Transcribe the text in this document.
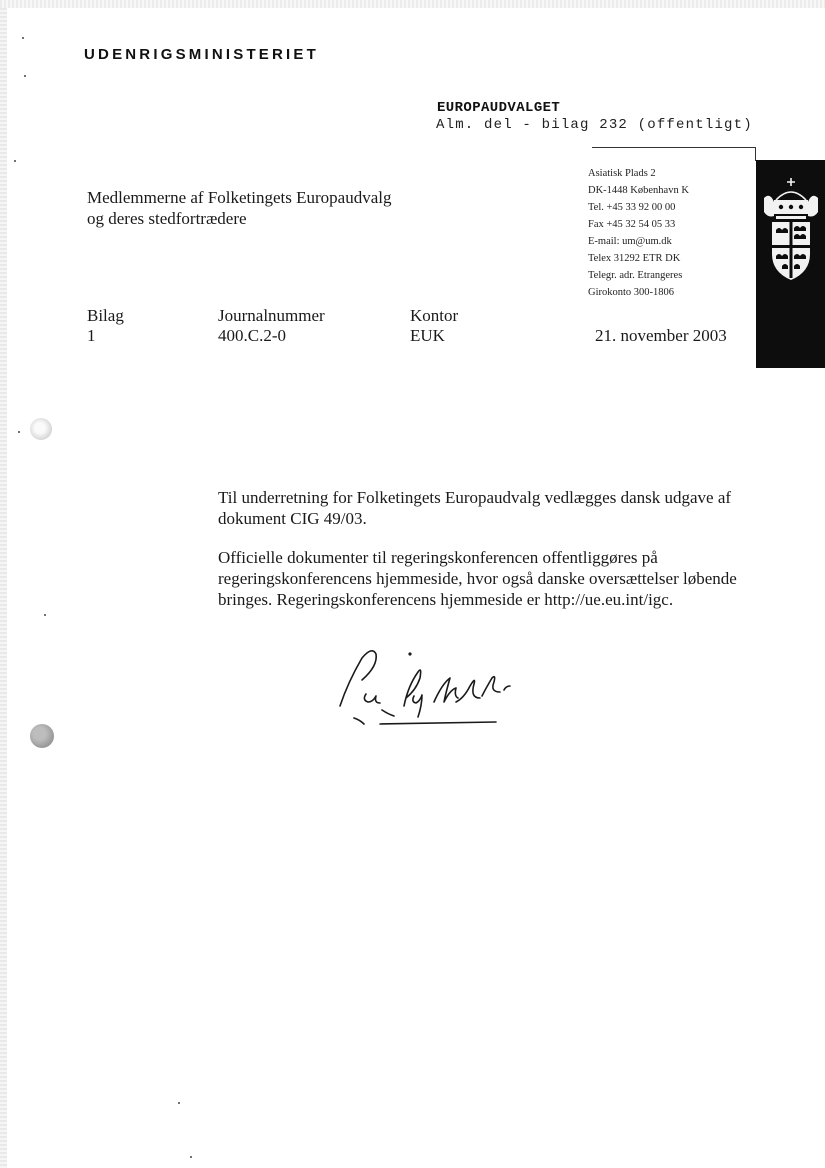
UDENRIGSMINISTERIET
EUROPAUDVALGET
Alm. del - bilag 232 (offentligt)
Medlemmerne af Folketingets Europaudvalg
og deres stedfortrædere
Asiatisk Plads 2
DK-1448 København K
Tel. +45 33 92 00 00
Fax +45 32 54 05 33
E-mail: um@um.dk
Telex 31292 ETR DK
Telegr. adr. Etrangeres
Girokonto 300-1806
Bilag
1
Journalnummer
400.C.2-0
Kontor
EUK	21. november 2003

Til underretning for Folketingets Europaudvalg vedlægges dansk udgave af dokument CIG 49/03.

Officielle dokumenter til regeringskonferencen offentliggøres på regeringskonferencens hjemmeside, hvor også danske oversættelser løbende bringes. Regeringskonferencens hjemmeside er http://ue.eu.int/igc.
